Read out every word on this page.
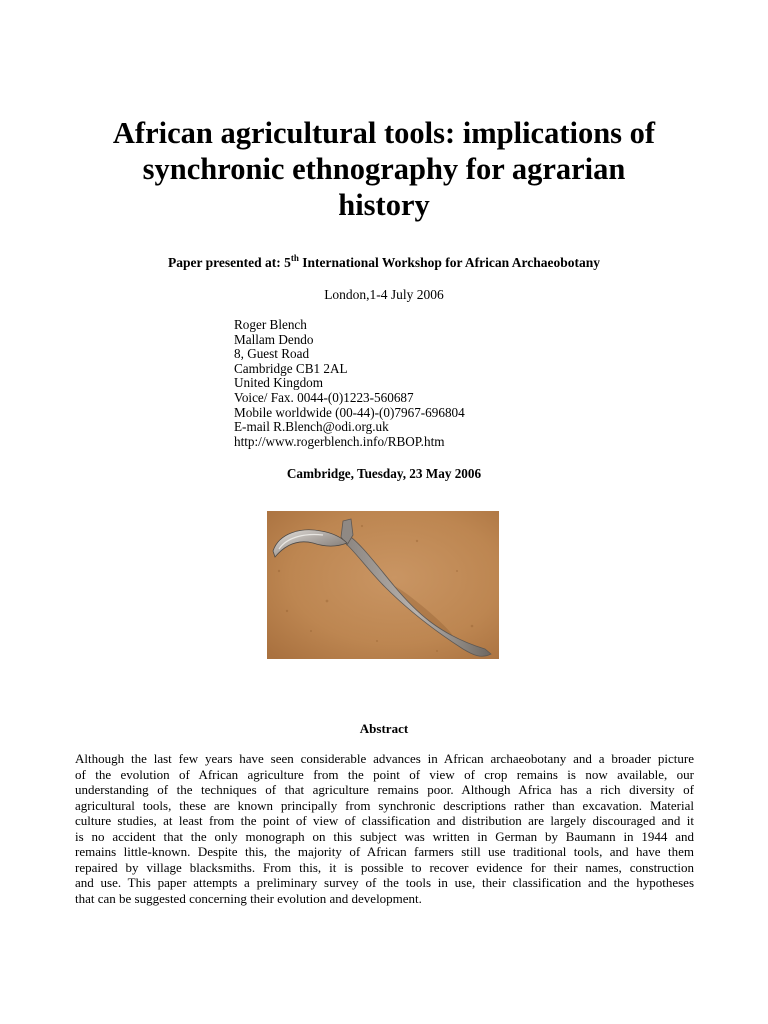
African agricultural tools: implications of
synchronic ethnography for agrarian
history
Paper presented at: 5th International Workshop for African Archaeobotany
London,1-4 July 2006
Roger Blench
Mallam Dendo
8, Guest Road
Cambridge CB1 2AL
United Kingdom
Voice/ Fax. 0044-(0)1223-560687
Mobile worldwide (00-44)-(0)7967-696804
E-mail R.Blench@odi.org.uk
http://www.rogerblench.info/RBOP.htm
Cambridge, Tuesday, 23 May 2006
Abstract
Although the last few years have seen considerable advances in African archaeobotany and a broader picture
of the evolution of African agriculture from the point of view of crop remains is now available, our
understanding of the techniques of that agriculture remains poor. Although Africa has a rich diversity of
agricultural tools, these are known principally from synchronic descriptions rather than excavation. Material
culture studies, at least from the point of view of classification and distribution are largely discouraged and it
is no accident that the only monograph on this subject was written in German by Baumann in 1944 and
remains little-known. Despite this, the majority of African farmers still use traditional tools, and have them
repaired by village blacksmiths. From this, it is possible to recover evidence for their names, construction
and use. This paper attempts a preliminary survey of the tools in use, their classification and the hypotheses
that can be suggested concerning their evolution and development.
